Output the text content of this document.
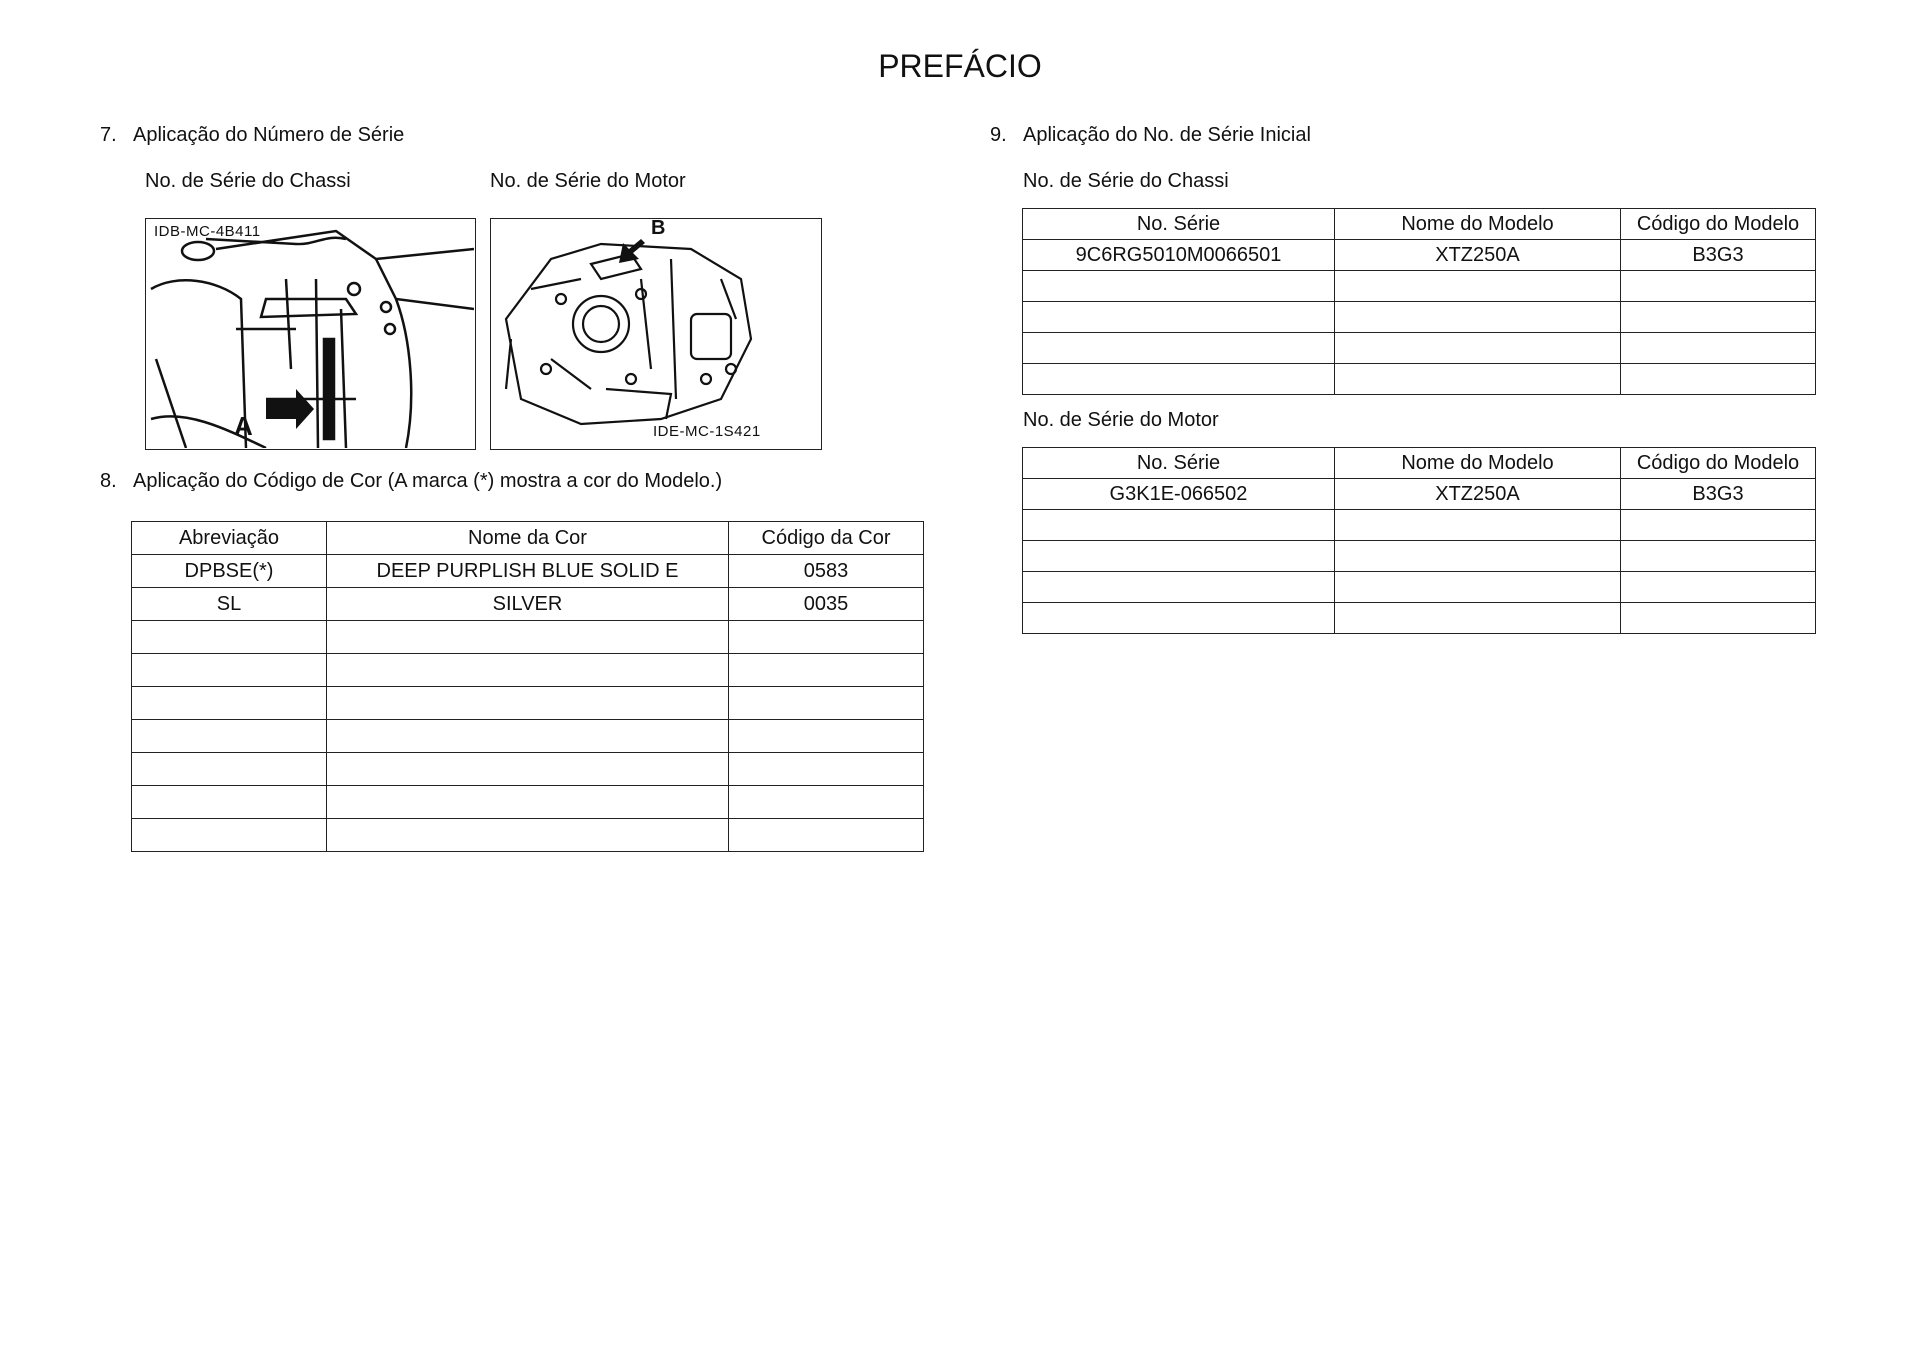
PREFÁCIO
7. Aplicação do Número de Série
No. de Série do Chassi	No. de Série do Motor
IDB-MC-4B411
A
B
IDE-MC-1S421
8. Aplicação do Código de Cor (A marca (*) mostra a cor do Modelo.)
Abreviação	Nome da Cor	Código da Cor
DPBSE(*)	DEEP PURPLISH BLUE SOLID E	0583
SL	SILVER	0035

9. Aplicação do No. de Série Inicial
No. de Série do Chassi
No. Série	Nome do Modelo	Código do Modelo
9C6RG5010M0066501	XTZ250A	B3G3

No. de Série do Motor
No. Série	Nome do Modelo	Código do Modelo
G3K1E-066502	XTZ250A	B3G3
